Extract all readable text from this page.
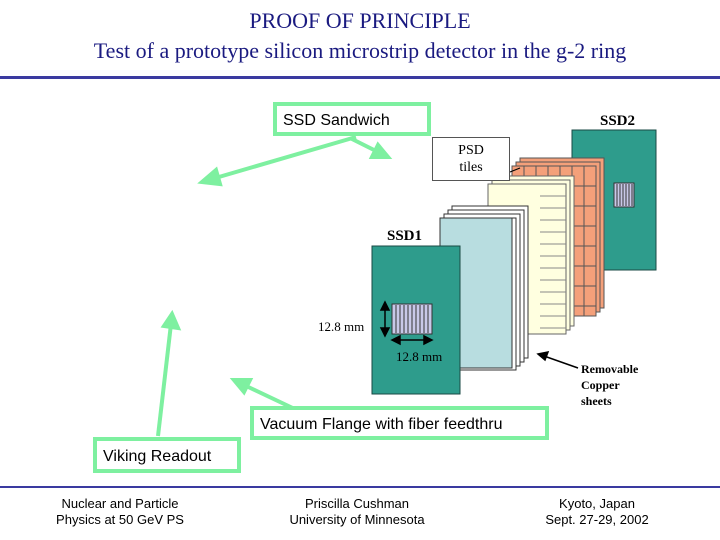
PROOF OF PRINCIPLE
Test of a prototype silicon microstrip detector in the g-2 ring
SSD Sandwich	SSD2
PSD
tiles
SSD1
12.8 mm
12.8 mm
Removable
Copper
sheets
Vacuum Flange with fiber feedthru
Viking Readout
Nuclear and Particle
Physics at 50 GeV PS
Priscilla Cushman
University of Minnesota
Kyoto, Japan
Sept. 27-29, 2002
